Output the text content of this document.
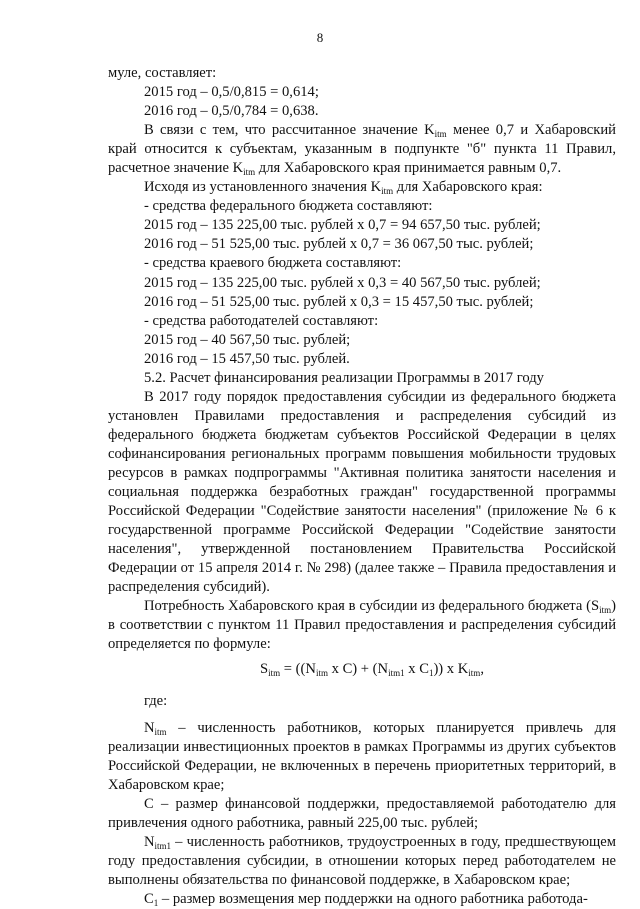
8

муле, составляет:

2015 год – 0,5/0,815 = 0,614;

2016 год – 0,5/0,784 = 0,638.

В связи с тем, что рассчитанное значение $K_{itm}$ менее 0,7 и Хабаровский край относится к субъектам, указанным в подпункте "б" пункта 11 Правил, расчетное значение $K_{itm}$ для Хабаровского края принимается равным 0,7.

Исходя из установленного значения $K_{itm}$ для Хабаровского края:

- средства федерального бюджета составляют:

2015 год – 135 225,00 тыс. рублей х 0,7 = 94 657,50 тыс. рублей;

2016 год – 51 525,00 тыс. рублей х 0,7 = 36 067,50 тыс. рублей;

- средства краевого бюджета составляют:

2015 год – 135 225,00 тыс. рублей х 0,3 = 40 567,50 тыс. рублей;

2016 год – 51 525,00 тыс. рублей х 0,3 = 15 457,50 тыс. рублей;

- средства работодателей составляют:

2015 год – 40 567,50 тыс. рублей;

2016 год – 15 457,50 тыс. рублей.

5.2. Расчет финансирования реализации Программы в 2017 году

В 2017 году порядок предоставления субсидии из федерального бюджета установлен Правилами предоставления и распределения субсидий из федерального бюджета бюджетам субъектов Российской Федерации в целях софинансирования региональных программ повышения мобильности трудовых ресурсов в рамках подпрограммы "Активная политика занятости населения и социальная поддержка безработных граждан" государственной программы Российской Федерации "Содействие занятости населения" (приложение № 6 к государственной программе Российской Федерации "Содействие занятости населения", утвержденной постановлением Правительства Российской Федерации от 15 апреля 2014 г. № 298) (далее также – Правила предоставления и распределения субсидий).

Потребность Хабаровского края в субсидии из федерального бюджета $(S_{itm})$ в соответствии с пунктом 11 Правил предоставления и распределения субсидий определяется по формуле:

$S_{itm} = ((N_{itm}$ x $C) + (N_{itm1}$ x $C_1$)) x $K_{itm}$,

где:

$N_{itm}$ – численность работников, которых планируется привлечь для реализации инвестиционных проектов в рамках Программы из других субъектов Российской Федерации, не включенных в перечень приоритетных территорий, в Хабаровском крае;

С – размер финансовой поддержки, предоставляемой работодателю для привлечения одного работника, равный 225,00 тыс. рублей;

$N_{itm1}$ – численность работников, трудоустроенных в году, предшествующем году предоставления субсидии, в отношении которых перед работодателем не выполнены обязательства по финансовой поддержке, в Хабаровском крае;

$C_1$ – размер возмещения мер поддержки на одного работника работода-
